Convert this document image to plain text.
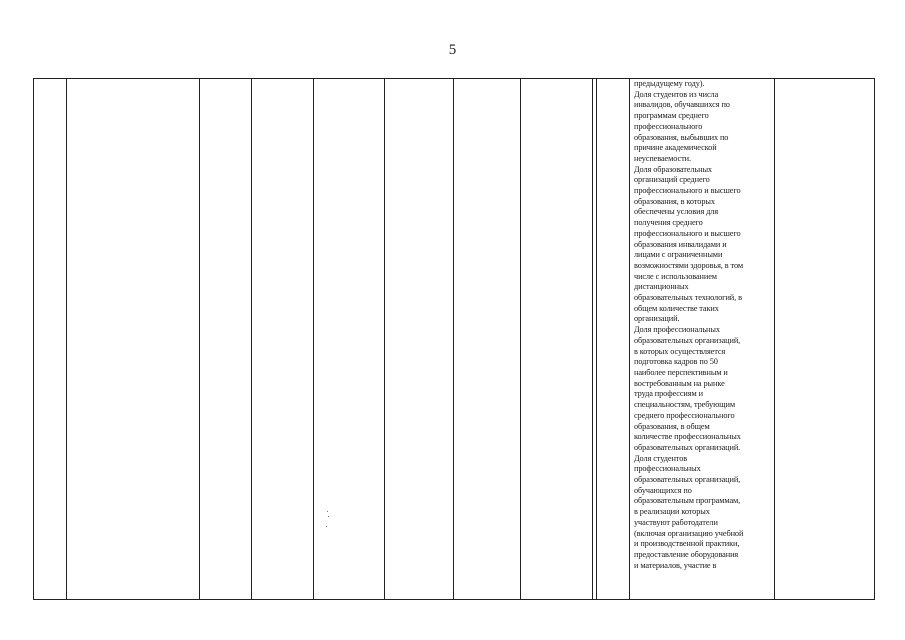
5
предыдущему году).
Доля студентов из числа
инвалидов, обучавшихся по
программам среднего
профессионального
образования, выбывших по
причине академической
неуспеваемости.
Доля образовательных
организаций среднего
профессионального и высшего
образования, в которых
обеспечены условия для
получения среднего
профессионального и высшего
образования инвалидами и
лицами с ограниченными
возможностями здоровья, в том
числе с использованием
дистанционных
образовательных технологий, в
общем количестве таких
организаций.
Доля профессиональных
образовательных организаций,
в которых осуществляется
подготовка кадров по 50
наиболее перспективным и
востребованным на рынке
труда профессиям и
специальностям, требующим
среднего профессионального
образования, в общем
количестве профессиональных
образовательных организаций.
Доля студентов
профессиональных
образовательных организаций,
обучающихся по
образовательным программам,
в реализации которых
участвуют работодатели
(включая организацию учебной
и производственной практики,
предоставление оборудования
и материалов, участие в
